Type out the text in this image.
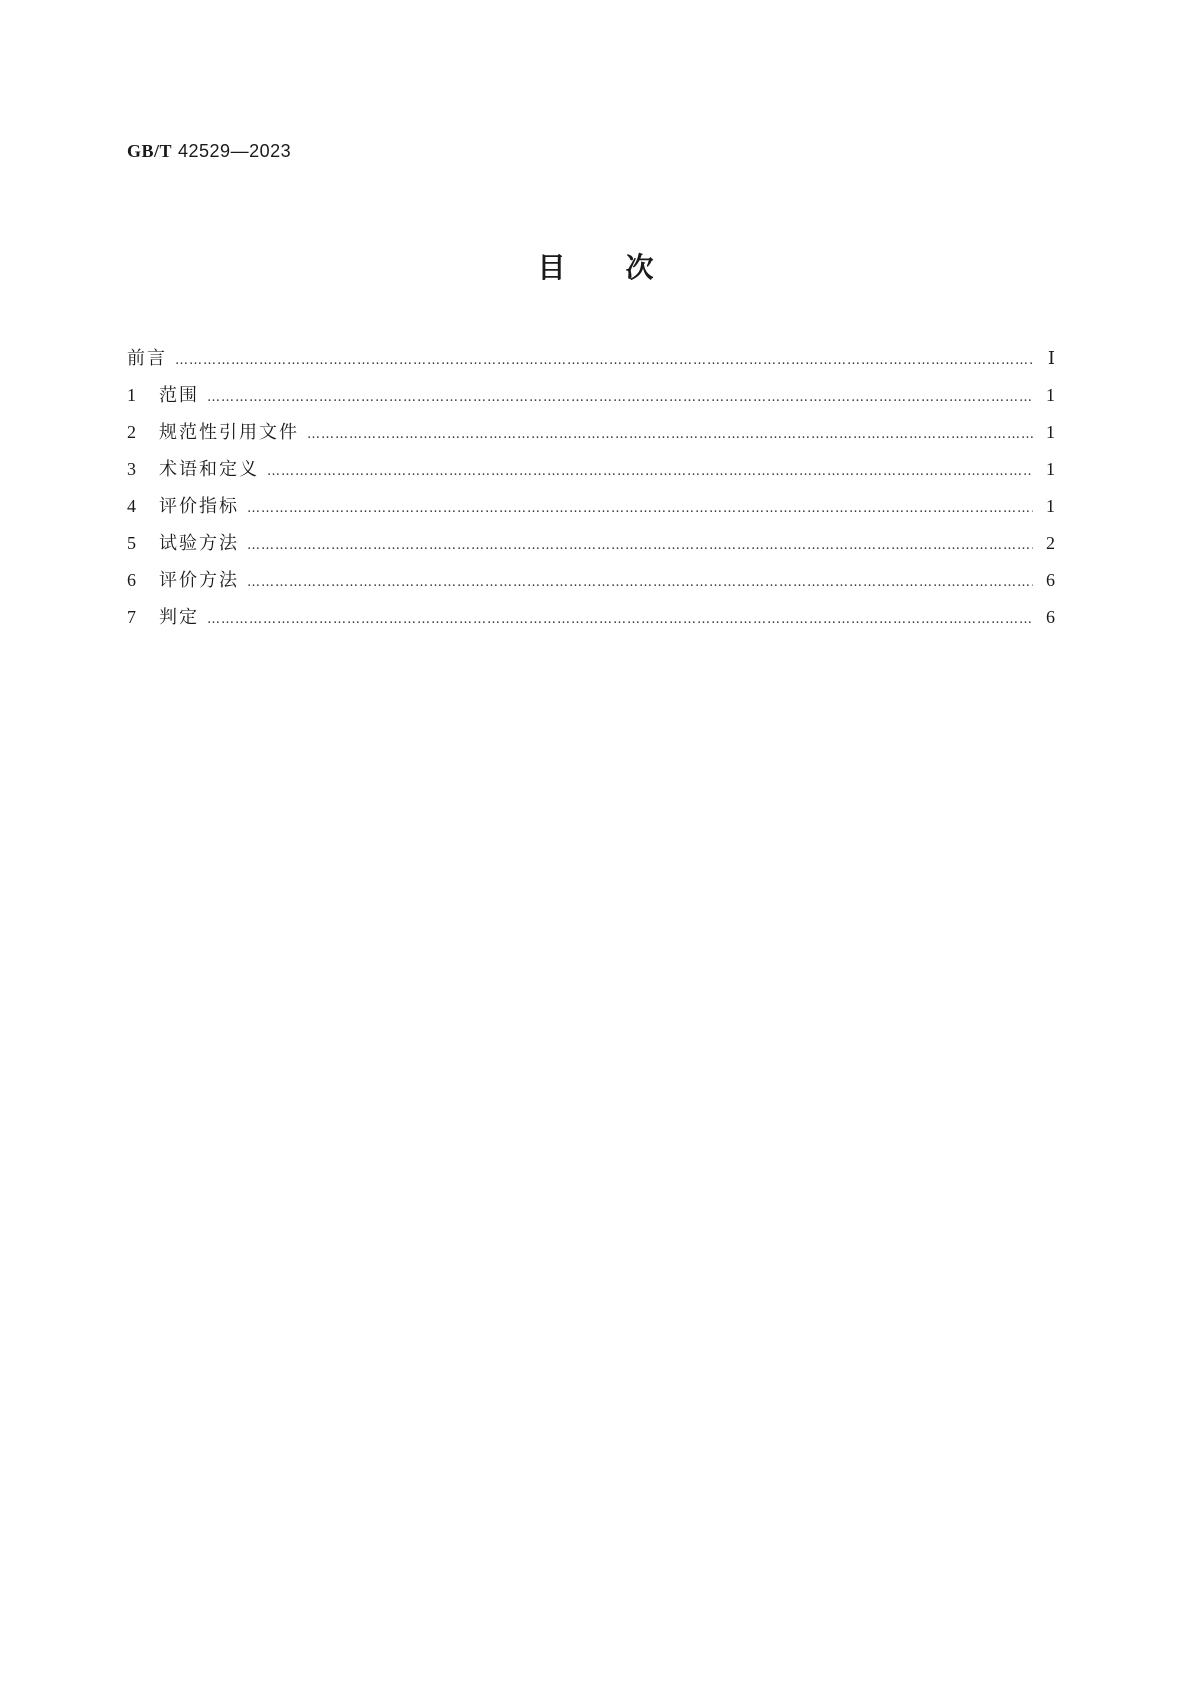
GB/T 42529—2023
目次
前言 ……………………………………………………………………………………………………………………………………………………………………………………………………………………………………………………	Ⅰ
1	范围 ……………………………………………………………………………………………………………………………………………………………………………………………………………………………………………………	1
2	规范性引用文件 ……………………………………………………………………………………………………………………………………………………………………………………………………………………………………………………	1
3	术语和定义 ……………………………………………………………………………………………………………………………………………………………………………………………………………………………………………………	1
4	评价指标 ……………………………………………………………………………………………………………………………………………………………………………………………………………………………………………………	1
5	试验方法 ……………………………………………………………………………………………………………………………………………………………………………………………………………………………………………………	2
6	评价方法 ……………………………………………………………………………………………………………………………………………………………………………………………………………………………………………………	6
7	判定 ……………………………………………………………………………………………………………………………………………………………………………………………………………………………………………………	6
